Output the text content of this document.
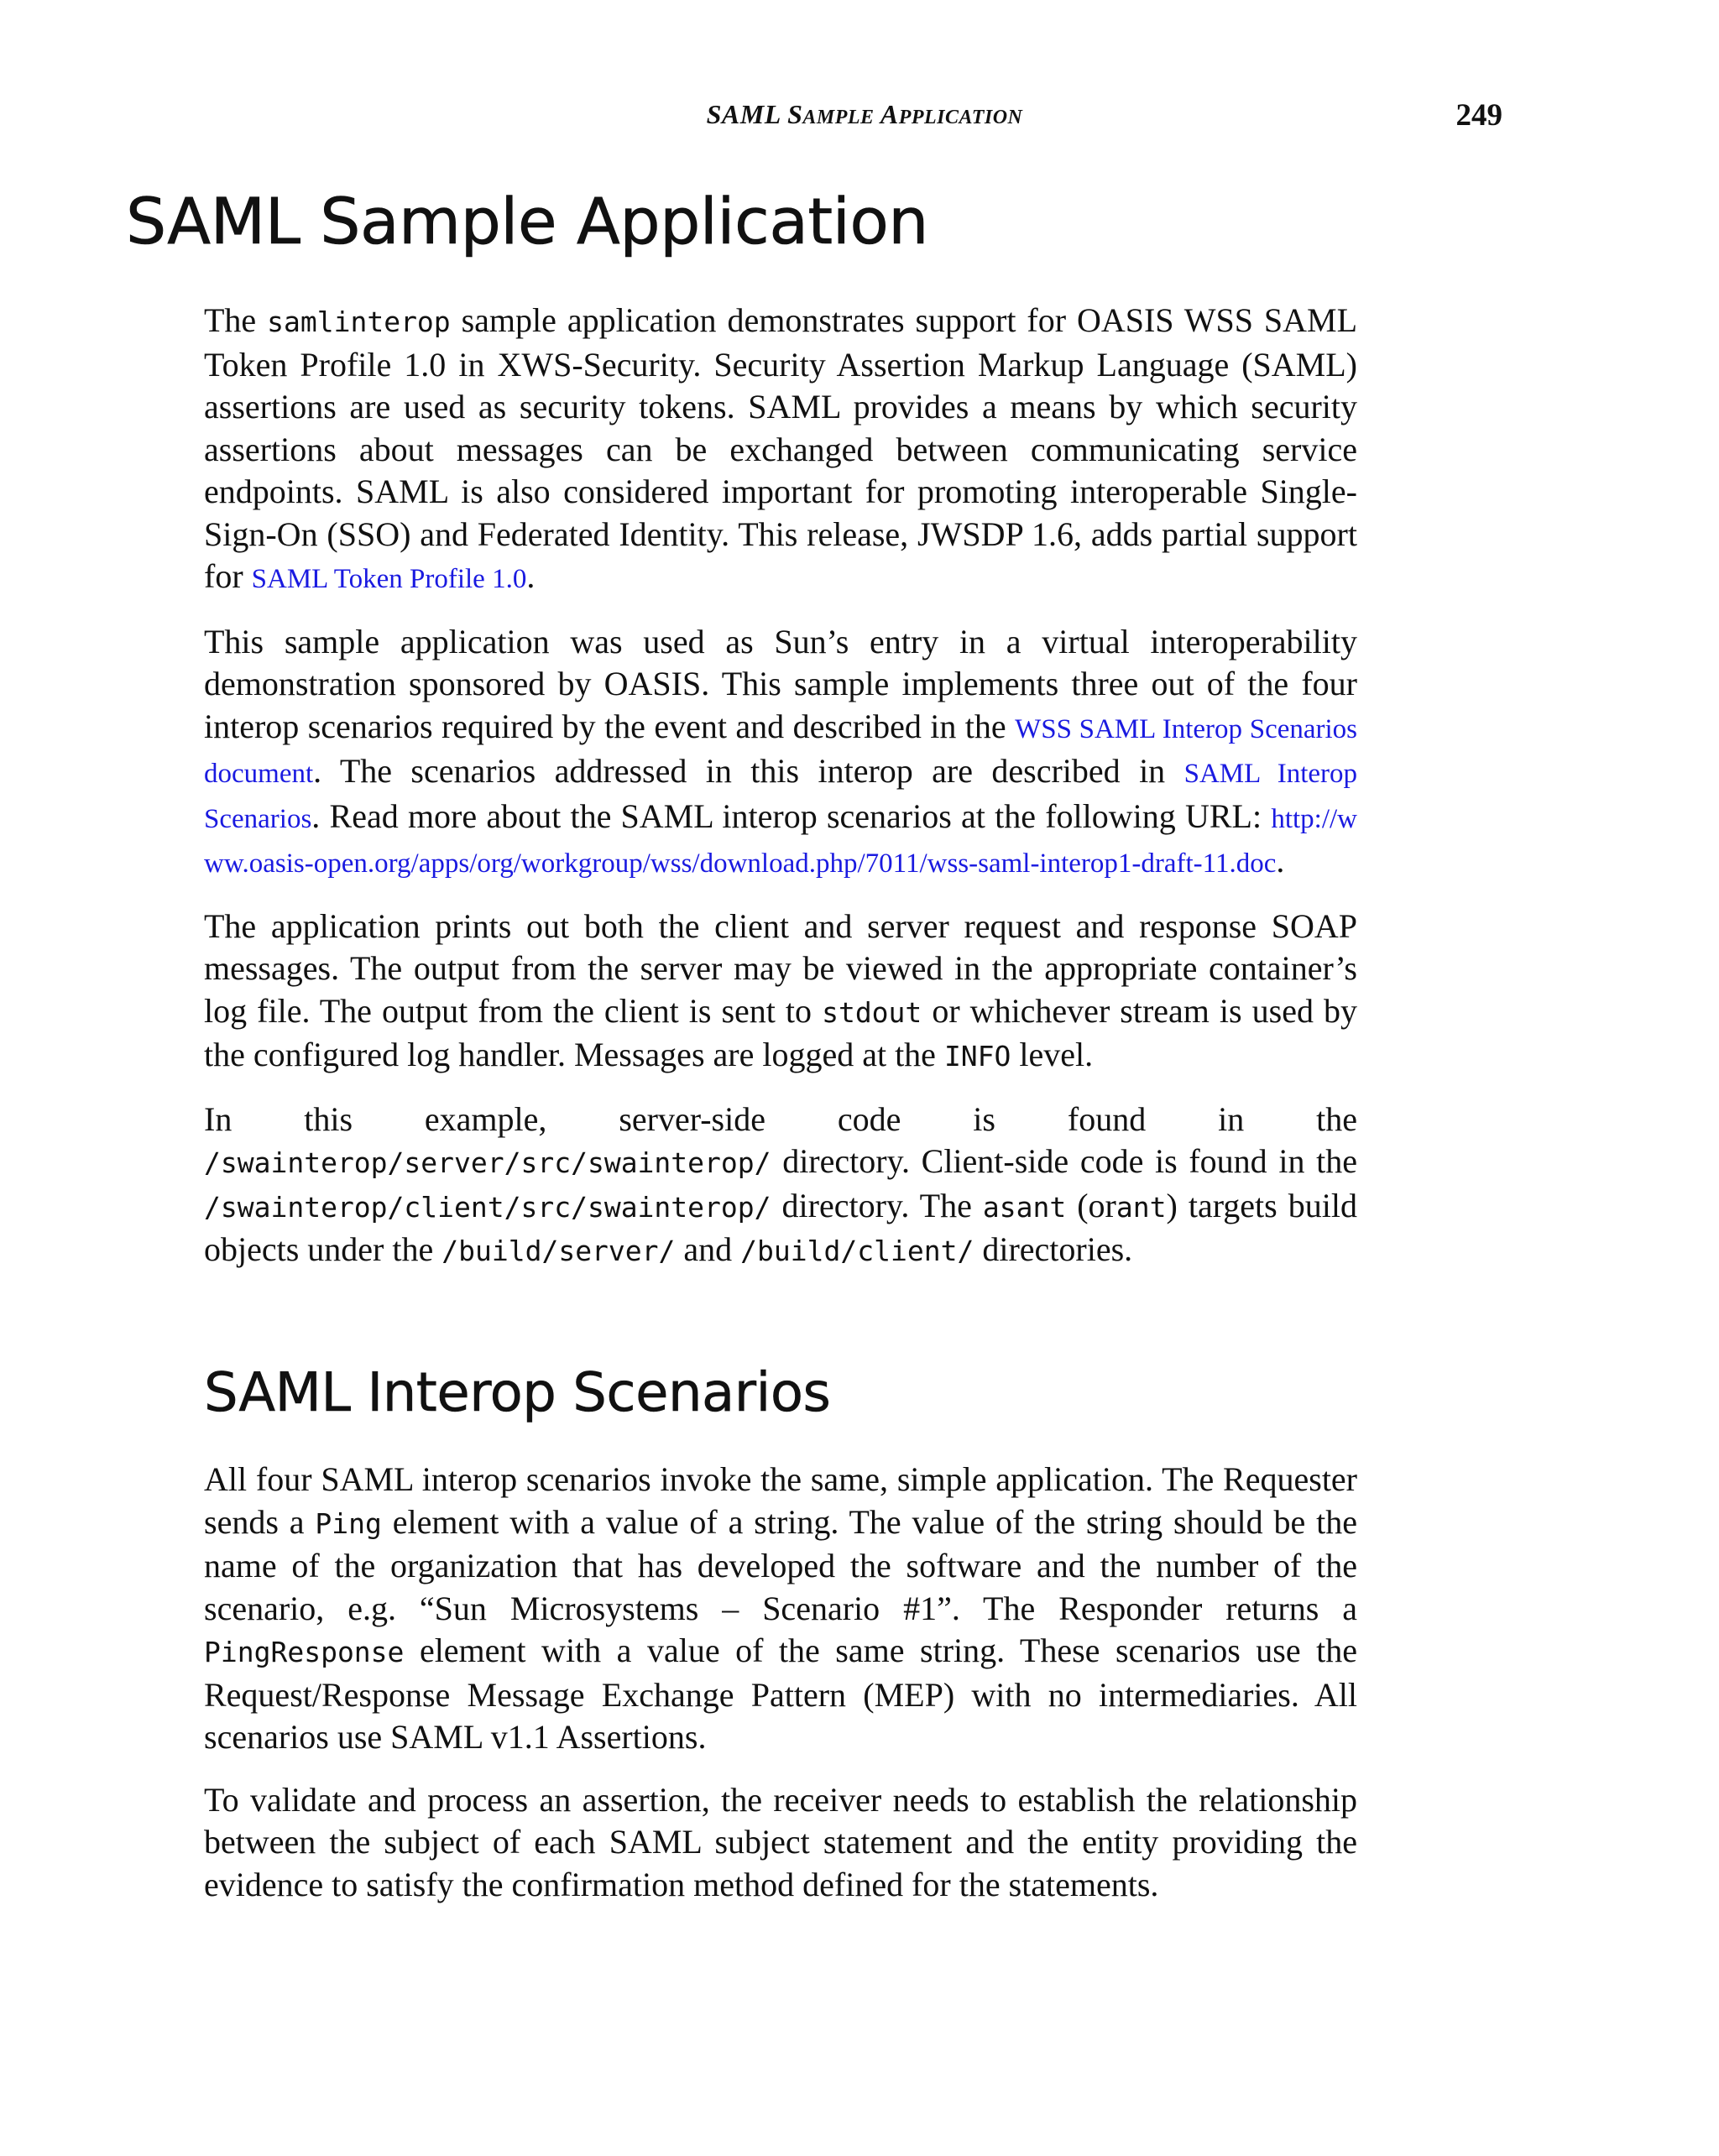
SAML SAMPLE APPLICATION	249
SAML Sample Application

The samlinterop sample application demonstrates support for OASIS WSS SAML Token Profile 1.0 in XWS-Security. Security Assertion Markup Language (SAML) assertions are used as security tokens. SAML provides a means by which security assertions about messages can be exchanged between communicating service endpoints. SAML is also considered important for promoting interoperable Single-Sign-On (SSO) and Federated Identity. This release, JWSDP 1.6, adds partial support for SAML Token Profile 1.0.

This sample application was used as Sun’s entry in a virtual interoperability demonstration sponsored by OASIS. This sample implements three out of the four interop scenarios required by the event and described in the WSS SAML Interop Scenarios document. The scenarios addressed in this interop are described in SAML Interop Scenarios. Read more about the SAML interop scenarios at the following URL: http://www.oasis-open.org/apps/org/workgroup/wss/download.php/7011/wss-saml-interop1-draft-11.doc.

The application prints out both the client and server request and response SOAP messages. The output from the server may be viewed in the appropriate container’s log file. The output from the client is sent to stdout or whichever stream is used by the configured log handler. Messages are logged at the INFO level.

In this example, server-side code is found in the /swainterop/server/src/swainterop/ directory. Client-side code is found in the /swainterop/client/src/swainterop/ directory. The asant (orant) targets build objects under the /build/server/ and /build/client/ directories.

SAML Interop Scenarios

All four SAML interop scenarios invoke the same, simple application. The Requester sends a Ping element with a value of a string. The value of the string should be the name of the organization that has developed the software and the number of the scenario, e.g. “Sun Microsystems – Scenario #1”. The Responder returns a PingResponse element with a value of the same string. These scenarios use the Request/Response Message Exchange Pattern (MEP) with no intermediaries. All scenarios use SAML v1.1 Assertions.

To validate and process an assertion, the receiver needs to establish the relationship between the subject of each SAML subject statement and the entity providing the evidence to satisfy the confirmation method defined for the statements.
